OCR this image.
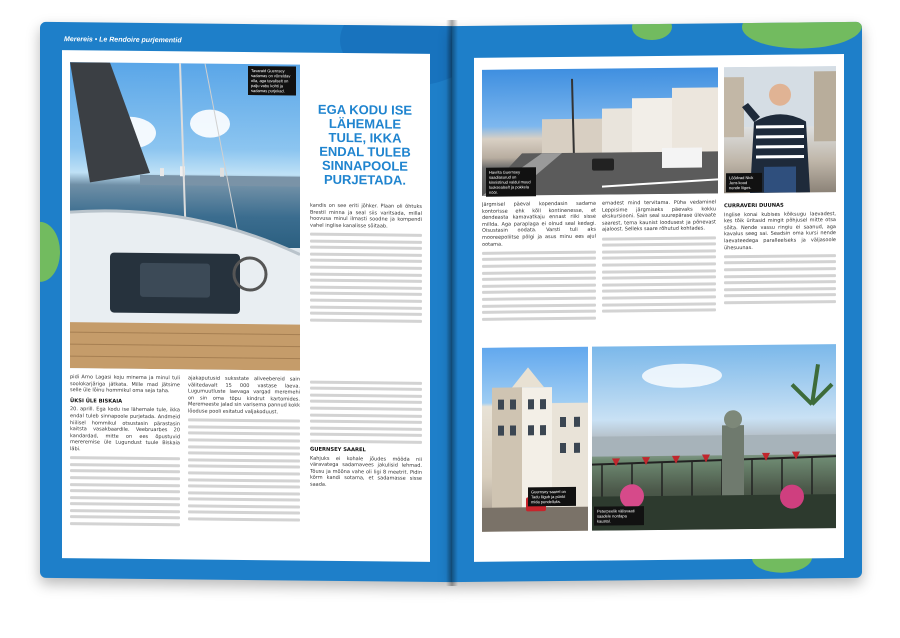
Merereis • Le Rendoire purjementid
Tavaraid Guernsey sadamas on võrreldav olla, aga tavaliselt on palju vabu kohti ja sadamas purjekad.
EGA KODU ISE LÄHEMALE TULE, IKKA ENDAL TULEB SINNAPOOLE PURJETADA.

kandis on see eriti jõhker. Plaan oli õhtuks Brestil minna ja seal siis varitsada, millal hoovusa minul ilmasti soodne ja kompendi vahel inglise kanalisse sõitaab.

pidi Arno Lagasi koju minema ja minul tuli soolokarjäriga jätkata. Mille mad jätsime selle üle lõinu hommikul oma seja taha.

ÜKSI ÜLE BISKAIA

20. aprill. Ega kodu ise lähemale tule, ikka endal tuleb sinnapoole purjetada. Andmeid hiilisel hommikul otsustasin pärastasin kaitsta vasakbaardile. Veebruarbes 20 kandardad, mitte on ees õpustuvid mereremise üle Lugundust tuule Biskaia läbi.

ajakaputusid suksstate allveebereid sain välitedavalt 15 000 vastase laeva. Lugumuutluste laevaga vargad meremehi on sin oma töpu kindrut kartomides. Meremeeste jalad sin varisema pannud kokk lõoduse pooli esitatud valjakoduust.

GUERNSEY SAAREL

Kahjuks ei kohale jõudes mõõda nii väravatega sadamavees jakulisid lehmad. Tõusu ja mõõna vahe oli ligi 8 meetrit. Pidin kõrm kandi sotama, et sadamasse sisse saada.

SUVI 2024 58 MERIJARVIS
Havrita Guernsey saadiasurud on kinnistinud valdul muud looksealselt ja pokkela nöör.
Lõõdvad Nick Jens kood nende liiges.

Järgmisel päeval kopendasin sadama kontorisse ehk kõll kontinenesse, et dendeasta kamavatkaju ennast riiki sisse millda. Aga paraplaga ei olnud seal kedagi. Oisustasin oodata. Varsti tuli aks mooreepoliitse pölgi ja asus minu ees ajul ootama.

ernadest mind tervitama. Püha vedaminel Leppisime järgmiseks päevaks kokku ekskursiooni. Sain seal suurepärase ülevaate saarest, tema kaunist loodusest ja põnevast ajaloost. Selleks saare rõhutud kohtades.

CURRAVERI DUUNAS

Inglise konai kubises kõiksugu laevadest, kes tõik üritasid mingit põhjusel mitte otsa sõita. Nende vassu ringiu ei saanud, aga kavalus seeg sai. Seadsin oma kursi nende laevateedega paralleelseks ja väljasoole ühesuunas.

Guernsey saarel on Tadu liigub ja pünkt mida pendelluks.
Peterpeelik välisvaati saadele nordapa kaustal.
SUVI 2024 59 MERIJARVIS
